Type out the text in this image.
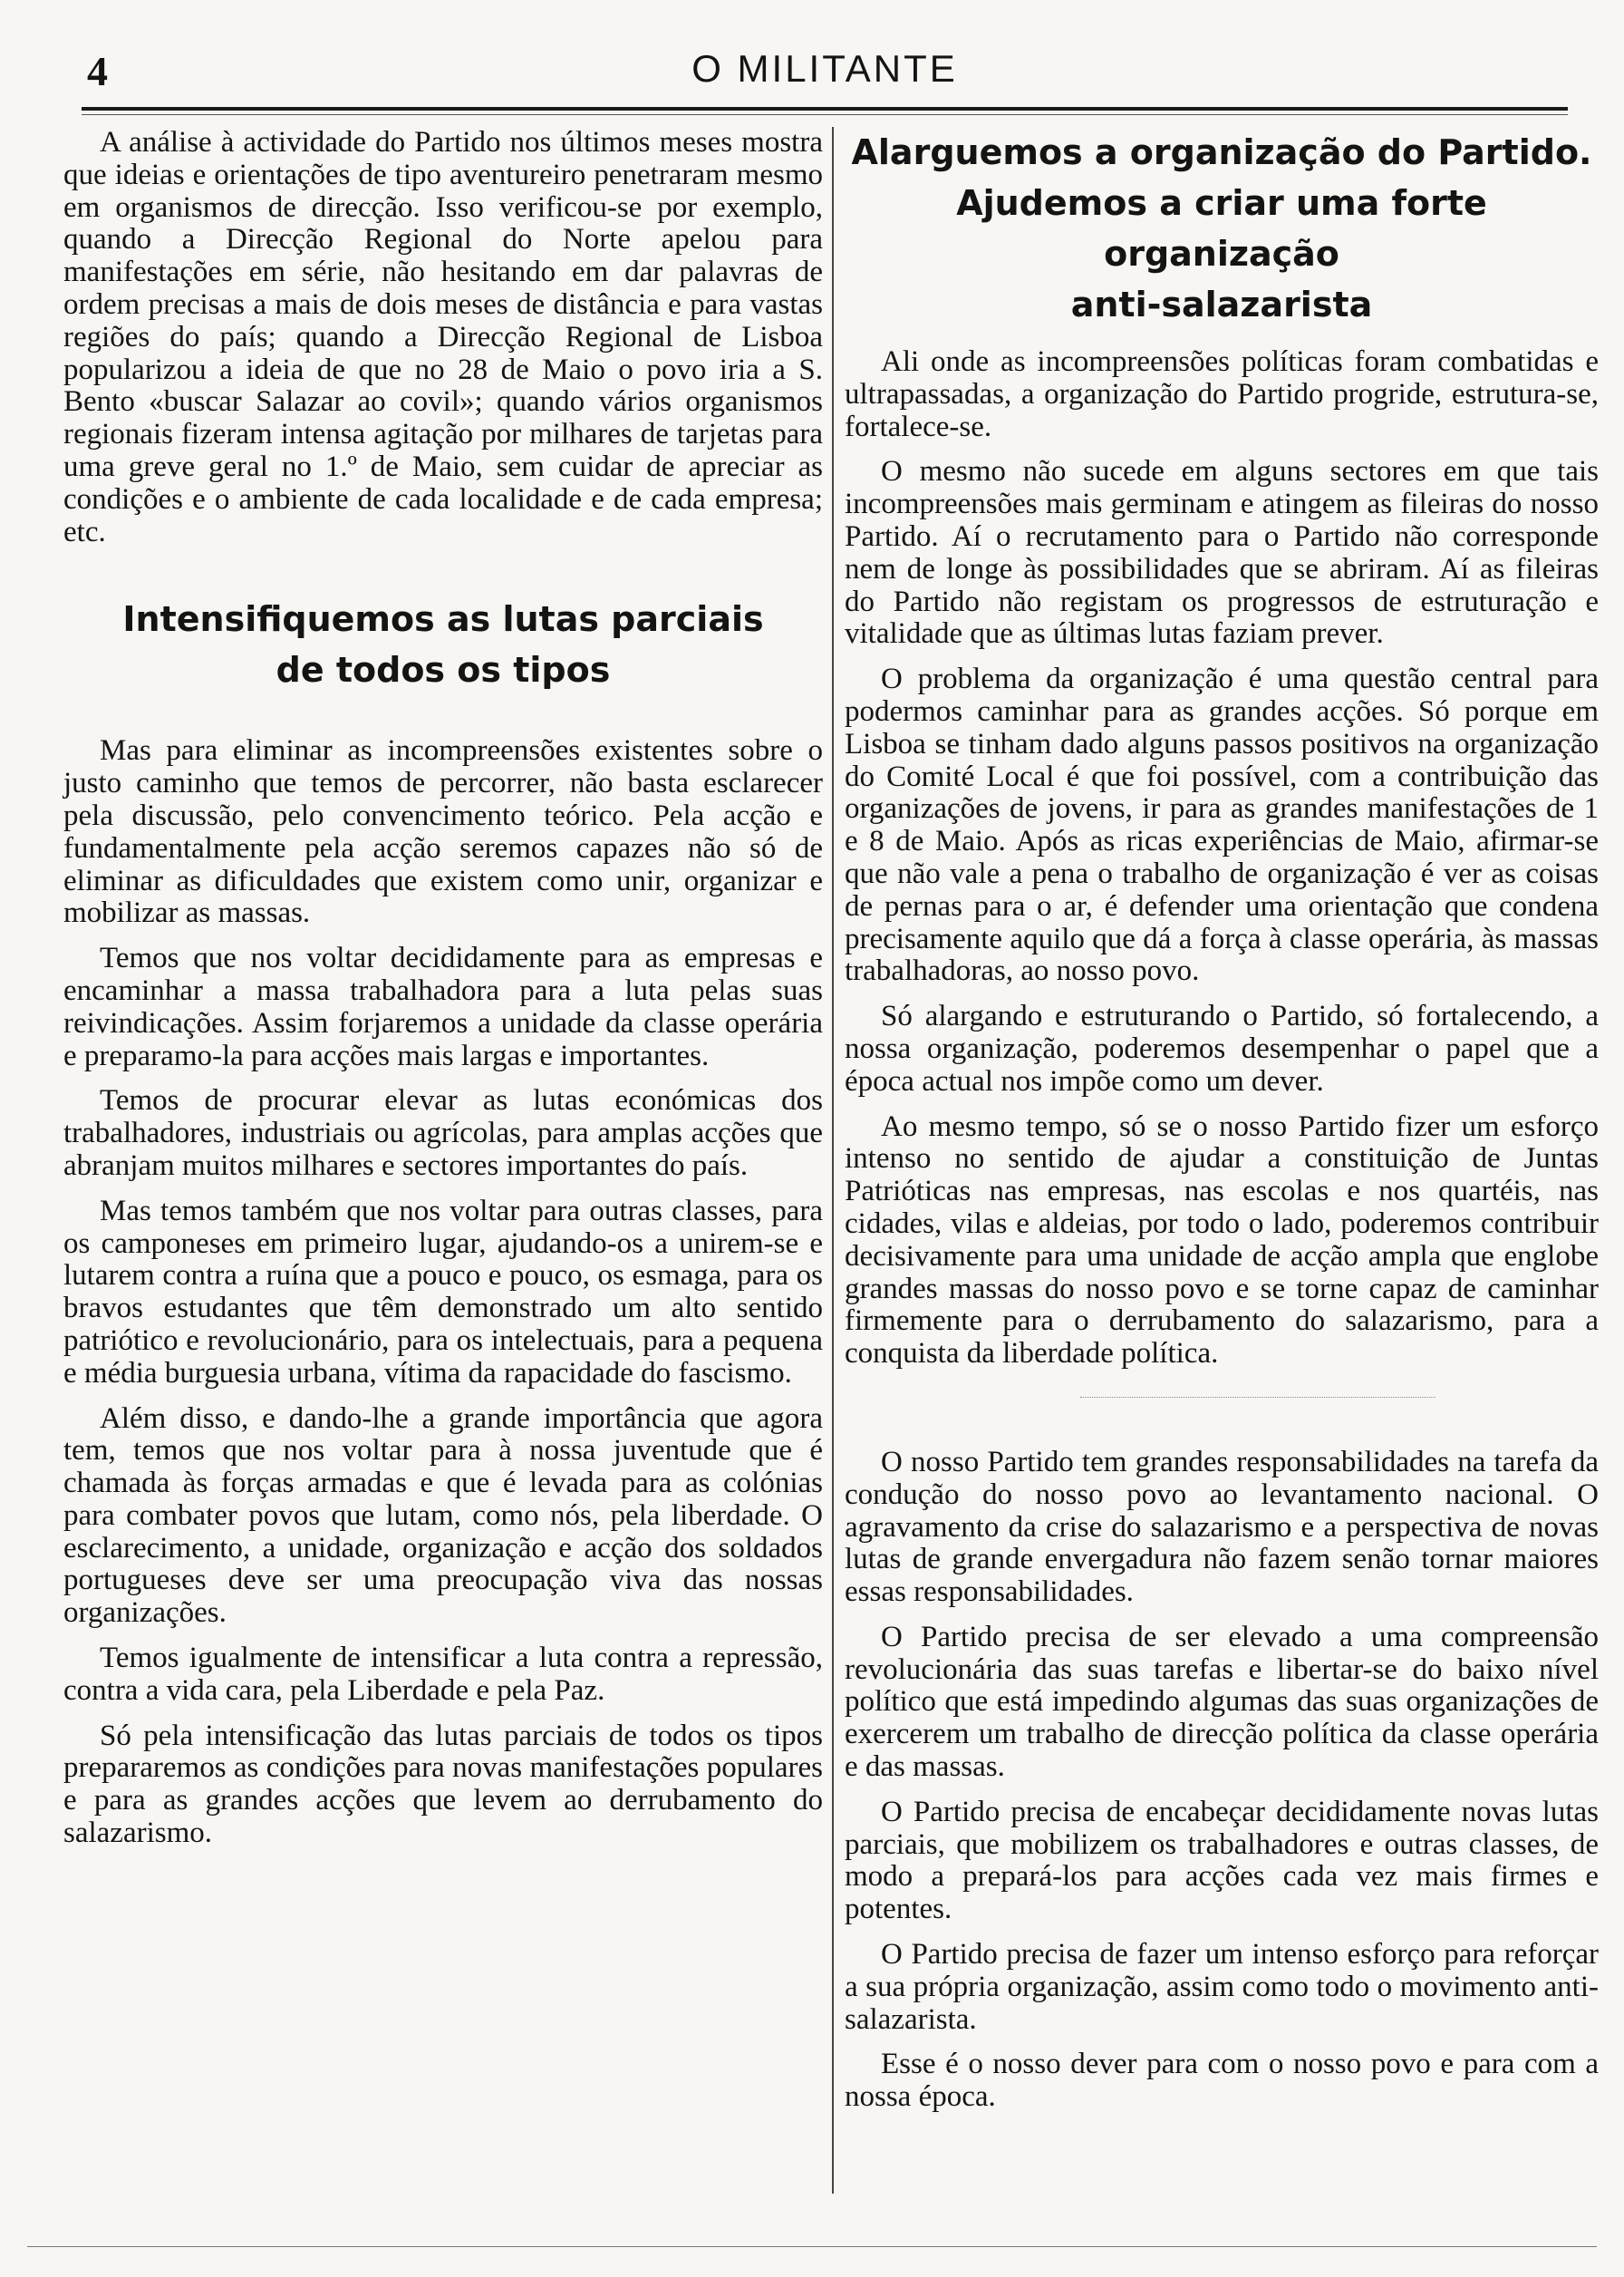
4	O MILITANTE

A análise à actividade do Partido nos últimos meses mostra que ideias e orientações de tipo aventureiro penetraram mesmo em organismos de direcção. Isso verificou-se por exemplo, quando a Direcção Regional do Norte apelou para manifestações em série, não hesitando em dar palavras de ordem precisas a mais de dois meses de distância e para vastas regiões do país; quando a Direcção Regional de Lisboa popularizou a ideia de que no 28 de Maio o povo iria a S. Bento «buscar Salazar ao covil»; quando vários organismos regionais fizeram intensa agitação por milhares de tarjetas para uma greve geral no 1.º de Maio, sem cuidar de apreciar as condições e o ambiente de cada localidade e de cada empresa; etc.

Intensifiquemos as lutas parciais
de todos os tipos

Mas para eliminar as incompreensões existentes sobre o justo caminho que temos de percorrer, não basta esclarecer pela discussão, pelo convencimento teórico. Pela acção e fundamentalmente pela acção seremos capazes não só de eliminar as dificuldades que existem como unir, organizar e mobilizar as massas.

Temos que nos voltar decididamente para as empresas e encaminhar a massa trabalhadora para a luta pelas suas reivindicações. Assim forjaremos a unidade da classe operária e preparamo-la para acções mais largas e importantes.

Temos de procurar elevar as lutas económicas dos trabalhadores, industriais ou agrícolas, para amplas acções que abranjam muitos milhares e sectores importantes do país.

Mas temos também que nos voltar para outras classes, para os camponeses em primeiro lugar, ajudando-os a unirem-se e lutarem contra a ruína que a pouco e pouco, os esmaga, para os bravos estudantes que têm demonstrado um alto sentido patriótico e revolucionário, para os intelectuais, para a pequena e média burguesia urbana, vítima da rapacidade do fascismo.

Além disso, e dando-lhe a grande importância que agora tem, temos que nos voltar para à nossa juventude que é chamada às forças armadas e que é levada para as colónias para combater povos que lutam, como nós, pela liberdade. O esclarecimento, a unidade, organização e acção dos soldados portugueses deve ser uma preocupação viva das nossas organizações.

Temos igualmente de intensificar a luta contra a repressão, contra a vida cara, pela Liberdade e pela Paz.

Só pela intensificação das lutas parciais de todos os tipos prepararemos as condições para novas manifestações populares e para as grandes acções que levem ao derrubamento do salazarismo.

Alarguemos a organização do Partido.
Ajudemos a criar uma forte organização
anti-salazarista

Ali onde as incompreensões políticas foram combatidas e ultrapassadas, a organização do Partido progride, estrutura-se, fortalece-se.

O mesmo não sucede em alguns sectores em que tais incompreensões mais germinam e atingem as fileiras do nosso Partido. Aí o recrutamento para o Partido não corresponde nem de longe às possibilidades que se abriram. Aí as fileiras do Partido não registam os progressos de estruturação e vitalidade que as últimas lutas faziam prever.

O problema da organização é uma questão central para podermos caminhar para as grandes acções. Só porque em Lisboa se tinham dado alguns passos positivos na organização do Comité Local é que foi possível, com a contribuição das organizações de jovens, ir para as grandes manifestações de 1 e 8 de Maio. Após as ricas experiências de Maio, afirmar-se que não vale a pena o trabalho de organização é ver as coisas de pernas para o ar, é defender uma orientação que condena precisamente aquilo que dá a força à classe operária, às massas trabalhadoras, ao nosso povo.

Só alargando e estruturando o Partido, só fortalecendo, a nossa organização, poderemos desempenhar o papel que a época actual nos impõe como um dever.

Ao mesmo tempo, só se o nosso Partido fizer um esforço intenso no sentido de ajudar a constituição de Juntas Patrióticas nas empresas, nas escolas e nos quartéis, nas cidades, vilas e aldeias, por todo o lado, poderemos contribuir decisivamente para uma unidade de acção ampla que englobe grandes massas do nosso povo e se torne capaz de caminhar firmemente para o derrubamento do salazarismo, para a conquista da liberdade política.

O nosso Partido tem grandes responsabilidades na tarefa da condução do nosso povo ao levantamento nacional. O agravamento da crise do salazarismo e a perspectiva de novas lutas de grande envergadura não fazem senão tornar maiores essas responsabilidades.

O Partido precisa de ser elevado a uma compreensão revolucionária das suas tarefas e libertar-se do baixo nível político que está impedindo algumas das suas organizações de exercerem um trabalho de direcção política da classe operária e das massas.

O Partido precisa de encabeçar decididamente novas lutas parciais, que mobilizem os trabalhadores e outras classes, de modo a prepará-los para acções cada vez mais firmes e potentes.

O Partido precisa de fazer um intenso esforço para reforçar a sua própria organização, assim como todo o movimento anti-salazarista.

Esse é o nosso dever para com o nosso povo e para com a nossa época.
